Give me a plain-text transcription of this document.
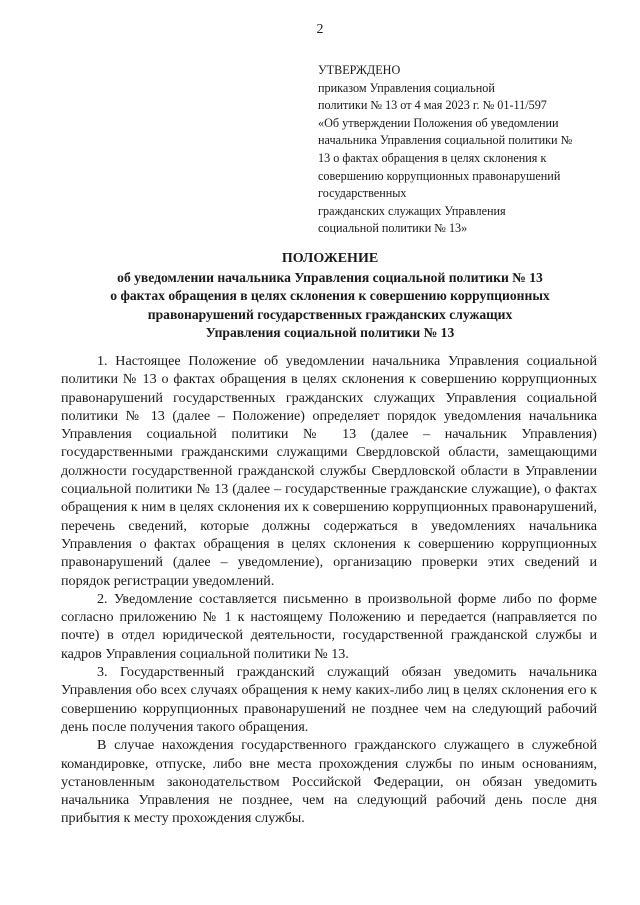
2
УТВЕРЖДЕНО
приказом Управления социальной
политики № 13 от 4 мая 2023 г. № 01-11/597
«Об утверждении Положения об уведомлении
начальника Управления социальной политики №
13 о фактах обращения в целях склонения к
совершению коррупционных правонарушений
государственных
гражданских служащих Управления
социальной политики № 13»
ПОЛОЖЕНИЕ
об уведомлении начальника Управления социальной политики № 13
о фактах обращения в целях склонения к совершению коррупционных
правонарушений государственных гражданских служащих
Управления социальной политики № 13

1. Настоящее Положение об уведомлении начальника Управления социальной политики № 13 о фактах обращения в целях склонения к совершению коррупционных правонарушений государственных гражданских служащих Управления социальной политики № 13 (далее – Положение) определяет порядок уведомления начальника Управления социальной политики № 13 (далее – начальник Управления) государственными гражданскими служащими Свердловской области, замещающими должности государственной гражданской службы Свердловской области в Управлении социальной политики № 13 (далее – государственные гражданские служащие), о фактах обращения к ним в целях склонения их к совершению коррупционных правонарушений, перечень сведений, которые должны содержаться в уведомлениях начальника Управления о фактах обращения в целях склонения к совершению коррупционных правонарушений (далее – уведомление), организацию проверки этих сведений и порядок регистрации уведомлений.

2. Уведомление составляется письменно в произвольной форме либо по форме согласно приложению № 1 к настоящему Положению и передается (направляется по почте) в отдел юридической деятельности, государственной гражданской службы и кадров Управления социальной политики № 13.

3. Государственный гражданский служащий обязан уведомить начальника Управления обо всех случаях обращения к нему каких-либо лиц в целях склонения его к совершению коррупционных правонарушений не позднее чем на следующий рабочий день после получения такого обращения.

В случае нахождения государственного гражданского служащего в служебной командировке, отпуске, либо вне места прохождения службы по иным основаниям, установленным законодательством Российской Федерации, он обязан уведомить начальника Управления не позднее, чем на следующий рабочий день после дня прибытия к месту прохождения службы.
